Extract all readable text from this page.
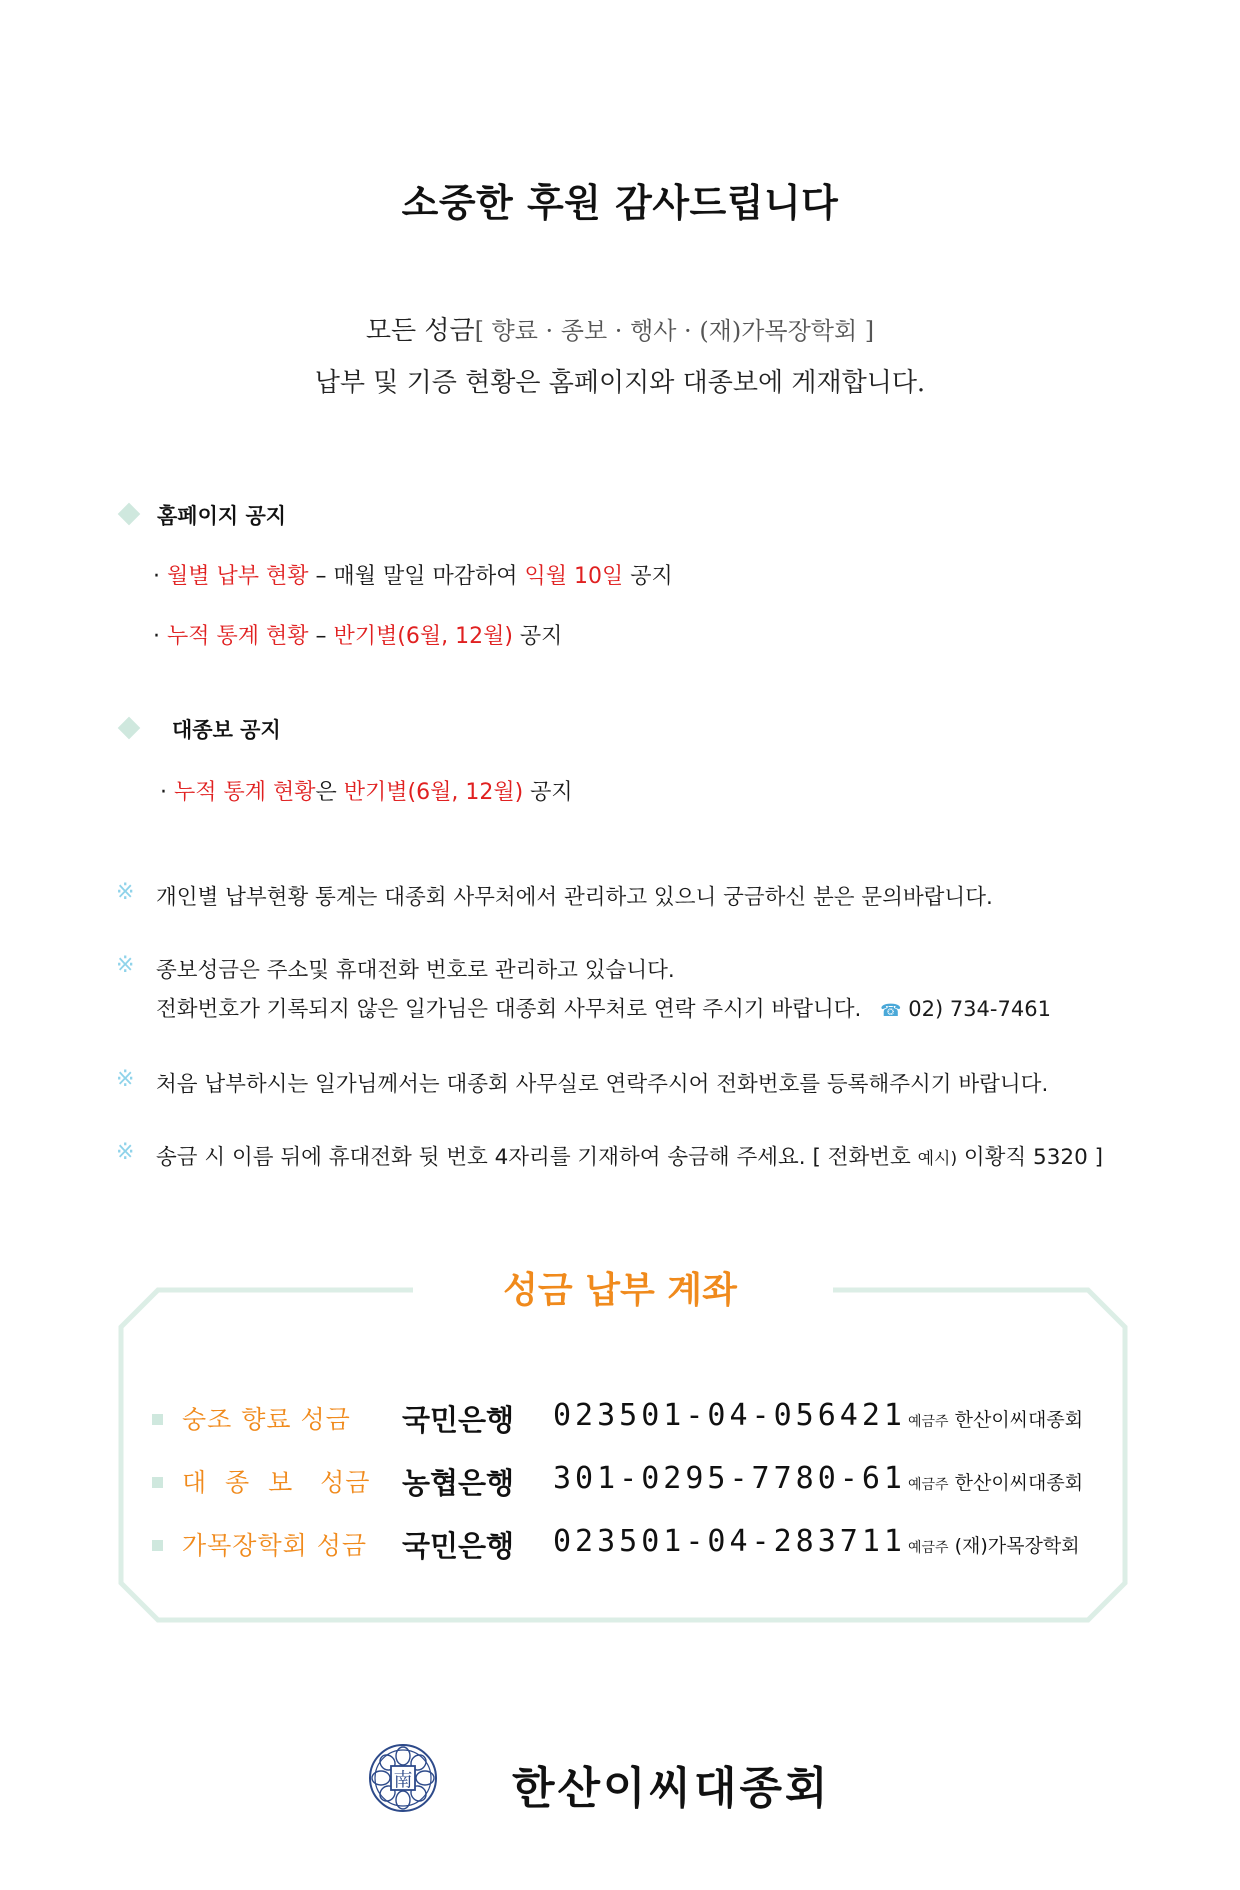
소중한 후원 감사드립니다
모든 성금[ 향료 · 종보 · 행사 · (재)가목장학회 ]
납부 및 기증 현황은 홈페이지와 대종보에 게재합니다.
홈페이지 공지
· 월별 납부 현황 – 매월 말일 마감하여 익월 10일 공지
· 누적 통계 현황 – 반기별(6월, 12월) 공지
대종보 공지
· 누적 통계 현황은 반기별(6월, 12월) 공지
※ 개인별 납부현황 통계는 대종회 사무처에서 관리하고 있으니 궁금하신 분은 문의바랍니다.
※ 종보성금은 주소및 휴대전화 번호로 관리하고 있습니다.
전화번호가 기록되지 않은 일가님은 대종회 사무처로 연락 주시기 바랍니다. ☎ 02) 734-7461
※ 처음 납부하시는 일가님께서는 대종회 사무실로 연락주시어 전화번호를 등록해주시기 바랍니다.
※ 송금 시 이름 뒤에 휴대전화 뒷 번호 4자리를 기재하여 송금해 주세요. [ 전화번호 예시) 이황직 5320 ]
성금 납부 계좌
숭조 향료 성금 국민은행 023501-04-056421 예금주 한산이씨대종회
대  종  보   성금 농협은행 301-0295-7780-61 예금주 한산이씨대종회
가목장학회 성금 국민은행 023501-04-283711 예금주 (재)가목장학회
南 한산이씨대종회
